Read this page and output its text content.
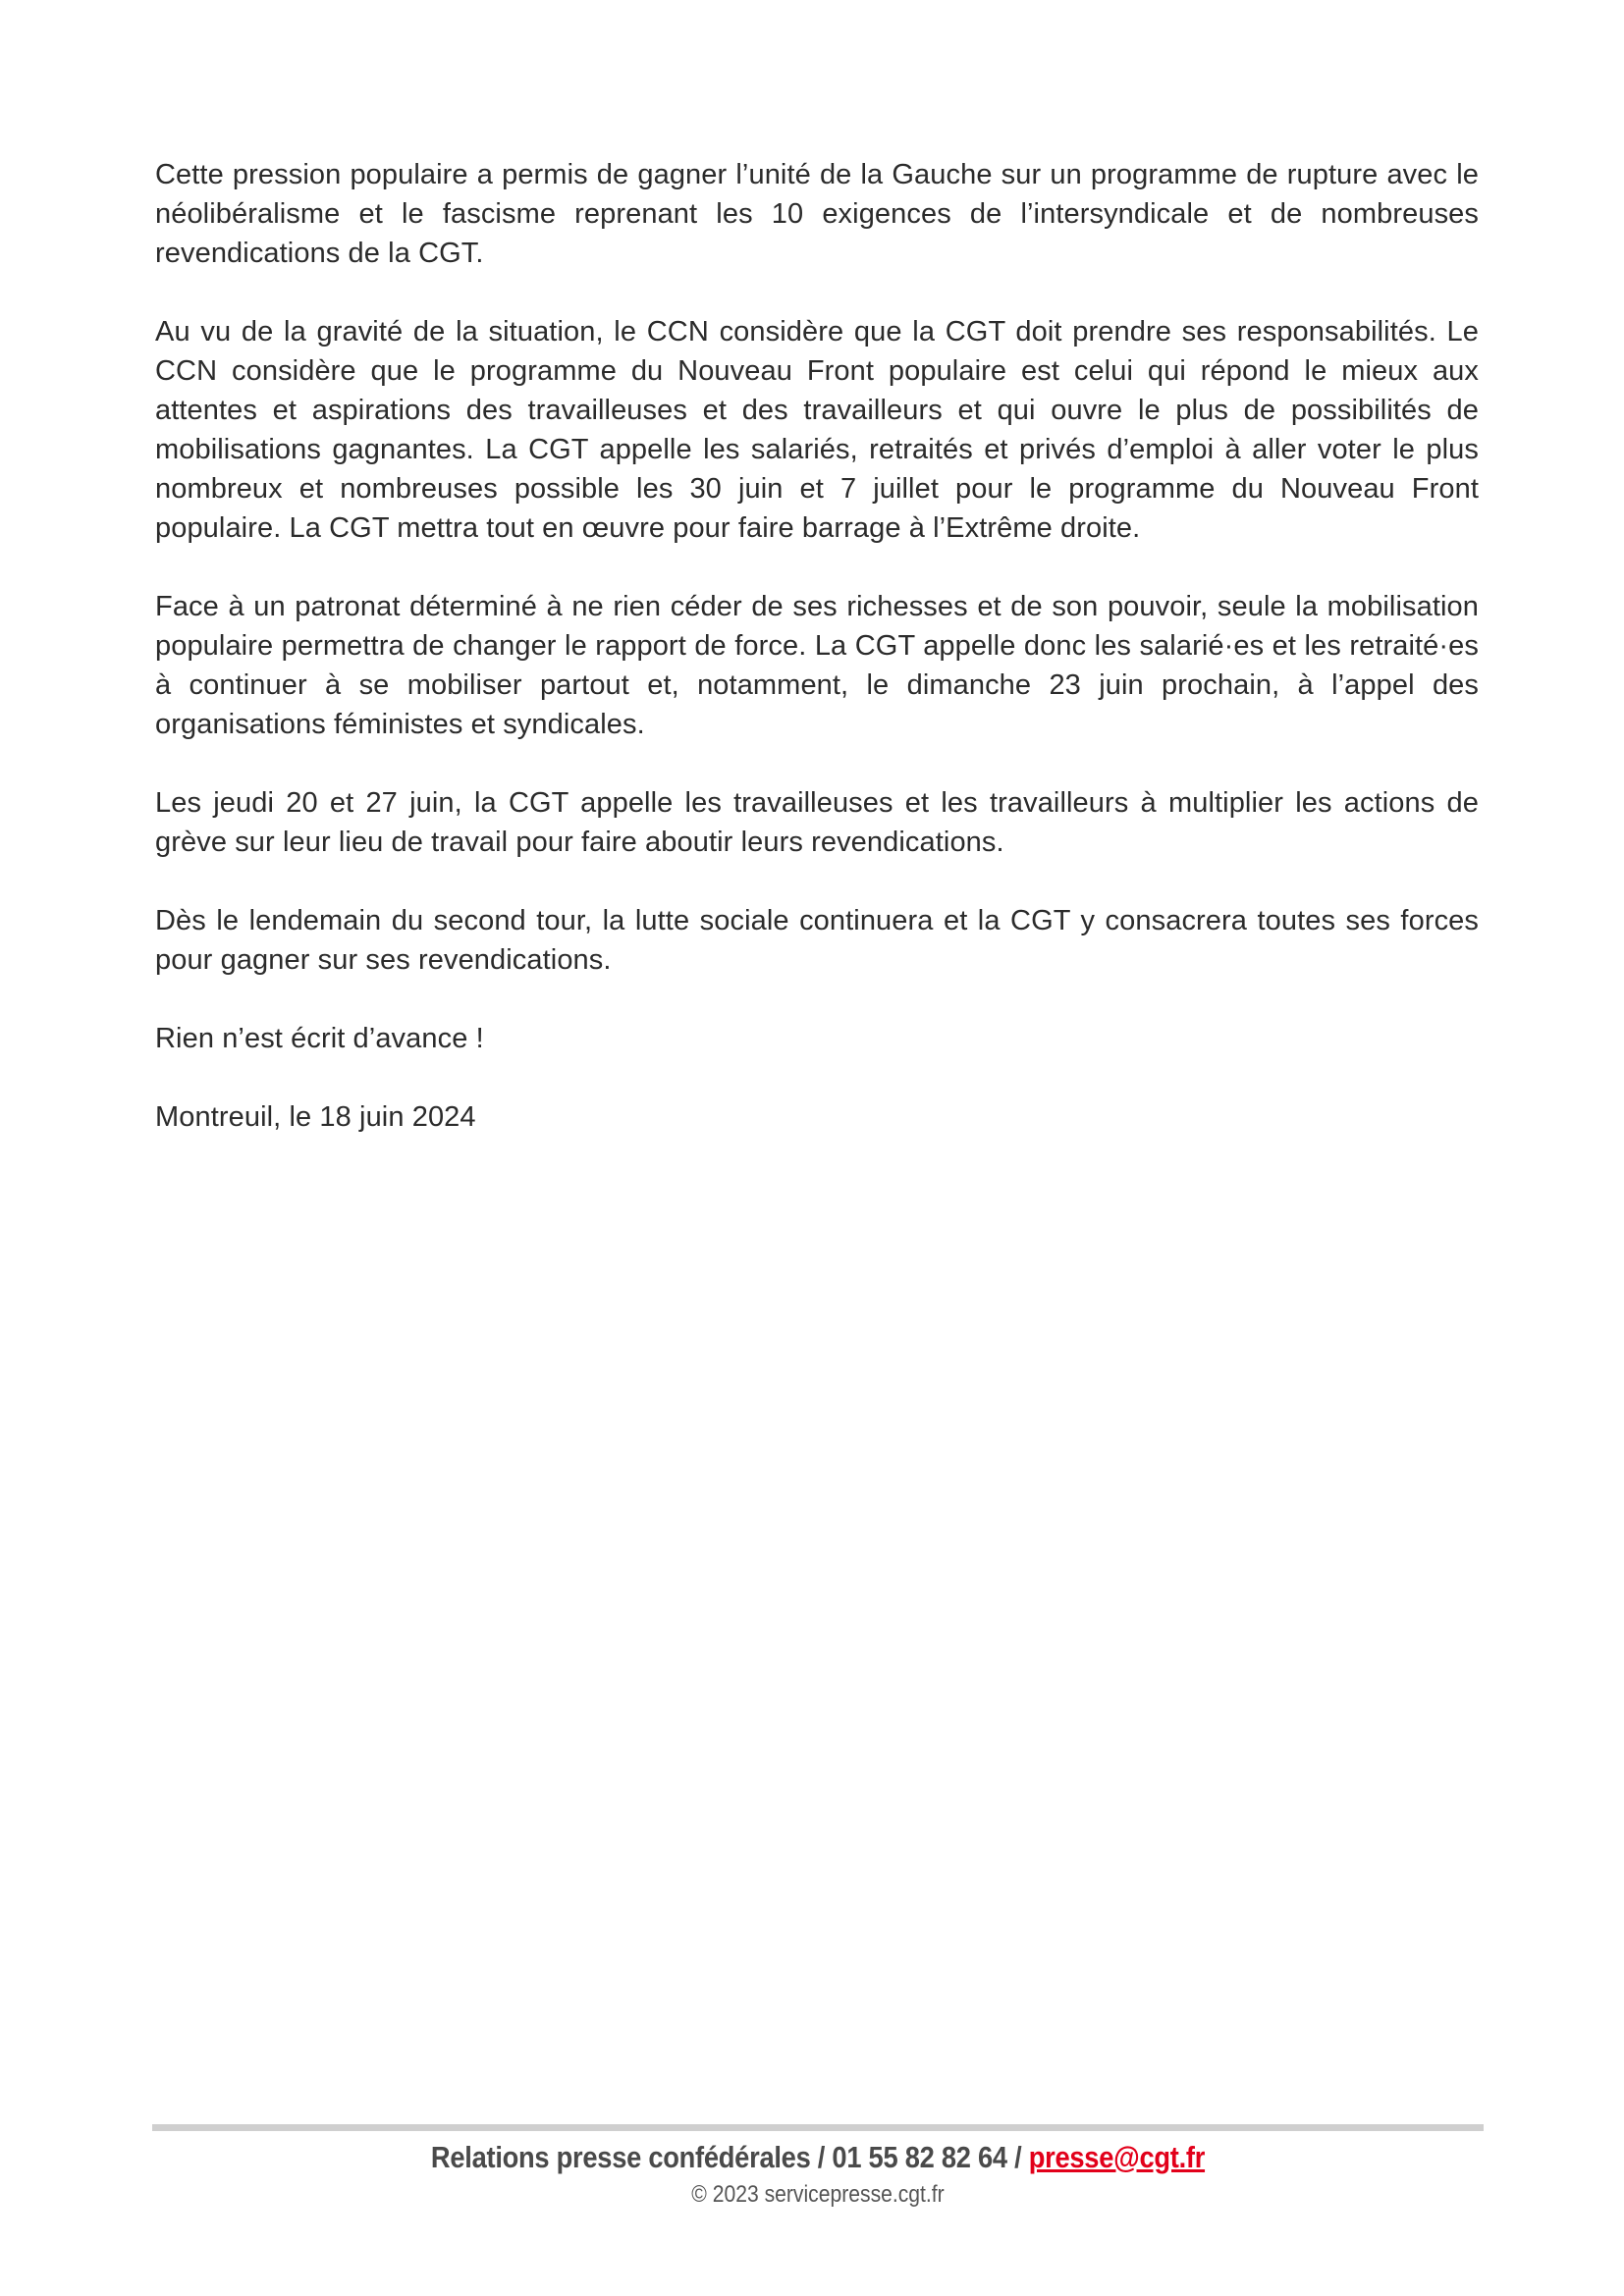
Cette pression populaire a permis de gagner l’unité de la Gauche sur un programme de rupture avec le néolibéralisme et le fascisme reprenant les 10 exigences de l’intersyndicale et de nombreuses revendications de la CGT.

Au vu de la gravité de la situation, le CCN considère que la CGT doit prendre ses responsabilités. Le CCN considère que le programme du Nouveau Front populaire est celui qui répond le mieux aux attentes et aspirations des travailleuses et des travailleurs et qui ouvre le plus de possibilités de mobilisations gagnantes. La CGT appelle les salariés, retraités et privés d’emploi à aller voter le plus nombreux et nombreuses possible les 30 juin et 7 juillet pour le programme du Nouveau Front populaire. La CGT mettra tout en œuvre pour faire barrage à l’Extrême droite.

Face à un patronat déterminé à ne rien céder de ses richesses et de son pouvoir, seule la mobilisation populaire permettra de changer le rapport de force. La CGT appelle donc les salarié·es et les retraité·es à continuer à se mobiliser partout et, notamment, le dimanche 23 juin prochain, à l’appel des organisations féministes et syndicales.

Les jeudi 20 et 27 juin, la CGT appelle les travailleuses et les travailleurs à multiplier les actions de grève sur leur lieu de travail pour faire aboutir leurs revendications.

Dès le lendemain du second tour, la lutte sociale continuera et la CGT y consacrera toutes ses forces pour gagner sur ses revendications.

Rien n’est écrit d’avance !

Montreuil, le 18 juin 2024

Relations presse confédérales / 01 55 82 82 64 / presse@cgt.fr
© 2023 servicepresse.cgt.fr
